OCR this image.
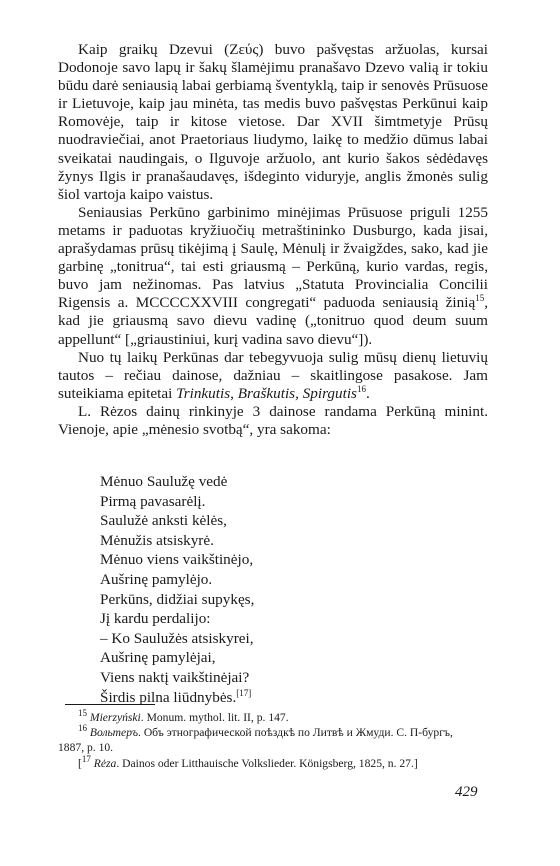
Kaip graikų Dzevui (Ζεύς) buvo pašvęstas aržuolas, kursai Dodonoje savo lapų ir šakų šlamėjimu pranašavo Dzevo valią ir tokiu būdu darė seniausią labai gerbiamą šventyklą, taip ir senovės Prūsuose ir Lietuvoje, kaip jau minėta, tas medis buvo pašvęstas Perkūnui kaip Romovėje, taip ir kitose vietose. Dar XVII šimtmetyje Prūsų nuodraviečiai, anot Praetoriaus liudymo, laikę to medžio dūmus labai sveikatai naudingais, o Ilguvoje aržuolo, ant kurio šakos sėdėdavęs žynys Ilgis ir pranašaudavęs, išdeginto viduryje, anglis žmonės sulig šiol vartoja kaipo vaistus.

Seniausias Perkūno garbinimo minėjimas Prūsuose priguli 1255 metams ir paduotas kryžiuočių metraštininko Dusburgo, kada jisai, aprašydamas prūsų tikėjimą į Saulę, Mėnulį ir žvaigždes, sako, kad jie garbinę „tonitrua“, tai esti griausmą – Perkūną, kurio vardas, regis, buvo jam nežinomas. Pas latvius „Statuta Provincialia Concilii Rigensis a. MCCCCXXVIII congregati“ paduoda seniausią žinią$^{15}$, kad jie griausmą savo dievu vadinę („tonitruo quod deum suum appellunt“ [„griaustiniui, kurį vadina savo dievu“]).

Nuo tų laikų Perkūnas dar tebegyvuoja sulig mūsų dienų lietuvių tautos – rečiau dainose, dažniau – skaitlingose pasakose. Jam suteikiama epitetai Trinkutis, Braškutis, Spirgutis$^{16}$.

L. Rėzos dainų rinkinyje 3 dainose randama Perkūną minint. Vienoje, apie „mėnesio svotbą“, yra sakoma:

Mėnuo Saulužę vedė
Pirmą pavasarėlį.
Saulužė anksti kėlės,
Mėnužis atsiskyrė.
Mėnuo viens vaikštinėjo,
Aušrinę pamylėjo.
Perkūns, didžiai supykęs,
Jį kardu perdalijo:
– Ko Saulužės atsiskyrei,
Aušrinę pamylėjai,
Viens naktį vaikštinėjai?
Širdis pilna liūdnybės.[17]
$^{15}$ Mierzyński. Monum. mythol. lit. II, p. 147.
$^{16}$ Вольтеръ. Объ этнографической поѣздкѣ по Литвѣ и Жмуди. С. П-бургъ,
1887, p. 10.
[$^{17}$ Rėza. Dainos oder Litthauische Volkslieder. Königsberg, 1825, n. 27.]
429
